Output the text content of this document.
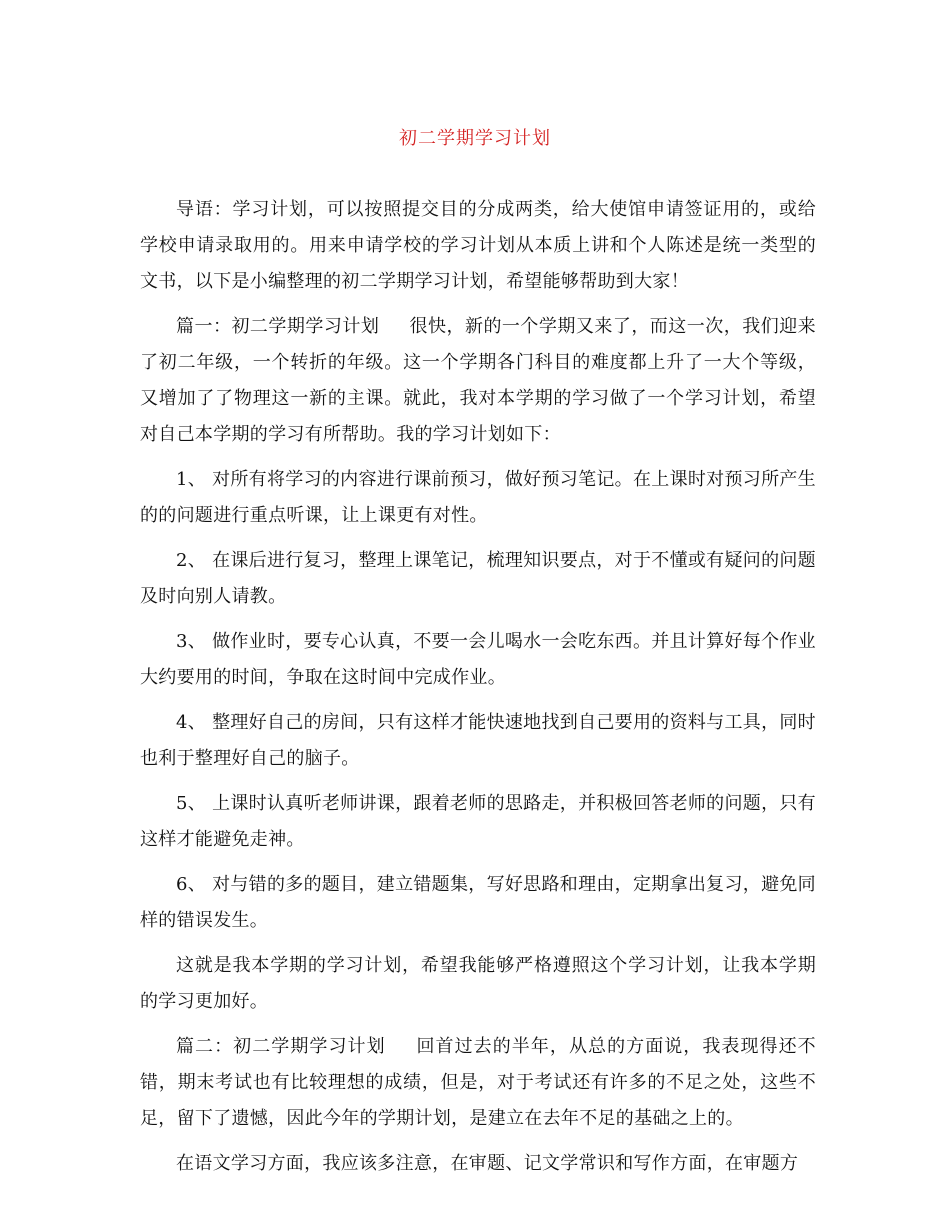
初二学期学习计划

导语：学习计划，可以按照提交目的分成两类，给大使馆申请签证用的，或给学校申请录取用的。用来申请学校的学习计划从本质上讲和个人陈述是统一类型的文书，以下是小编整理的初二学期学习计划，希望能够帮助到大家！

篇一：初二学期学习计划 很快，新的一个学期又来了，而这一次，我们迎来了初二年级，一个转折的年级。这一个学期各门科目的难度都上升了一大个等级，又增加了了物理这一新的主课。就此，我对本学期的学习做了一个学习计划，希望对自己本学期的学习有所帮助。我的学习计划如下：

1、 对所有将学习的内容进行课前预习，做好预习笔记。在上课时对预习所产生的的问题进行重点听课，让上课更有对性。

2、 在课后进行复习，整理上课笔记，梳理知识要点，对于不懂或有疑问的问题及时向别人请教。

3、 做作业时，要专心认真，不要一会儿喝水一会吃东西。并且计算好每个作业大约要用的时间，争取在这时间中完成作业。

4、 整理好自己的房间，只有这样才能快速地找到自己要用的资料与工具，同时也利于整理好自己的脑子。

5、 上课时认真听老师讲课，跟着老师的思路走，并积极回答老师的问题，只有这样才能避免走神。

6、 对与错的多的题目，建立错题集，写好思路和理由，定期拿出复习，避免同样的错误发生。

这就是我本学期的学习计划，希望我能够严格遵照这个学习计划，让我本学期的学习更加好。

篇二：初二学期学习计划 回首过去的半年，从总的方面说，我表现得还不错，期末考试也有比较理想的成绩，但是，对于考试还有许多的不足之处，这些不足，留下了遗憾，因此今年的学期计划，是建立在去年不足的基础之上的。

在语文学习方面，我应该多注意，在审题、记文学常识和写作方面，在审题方
